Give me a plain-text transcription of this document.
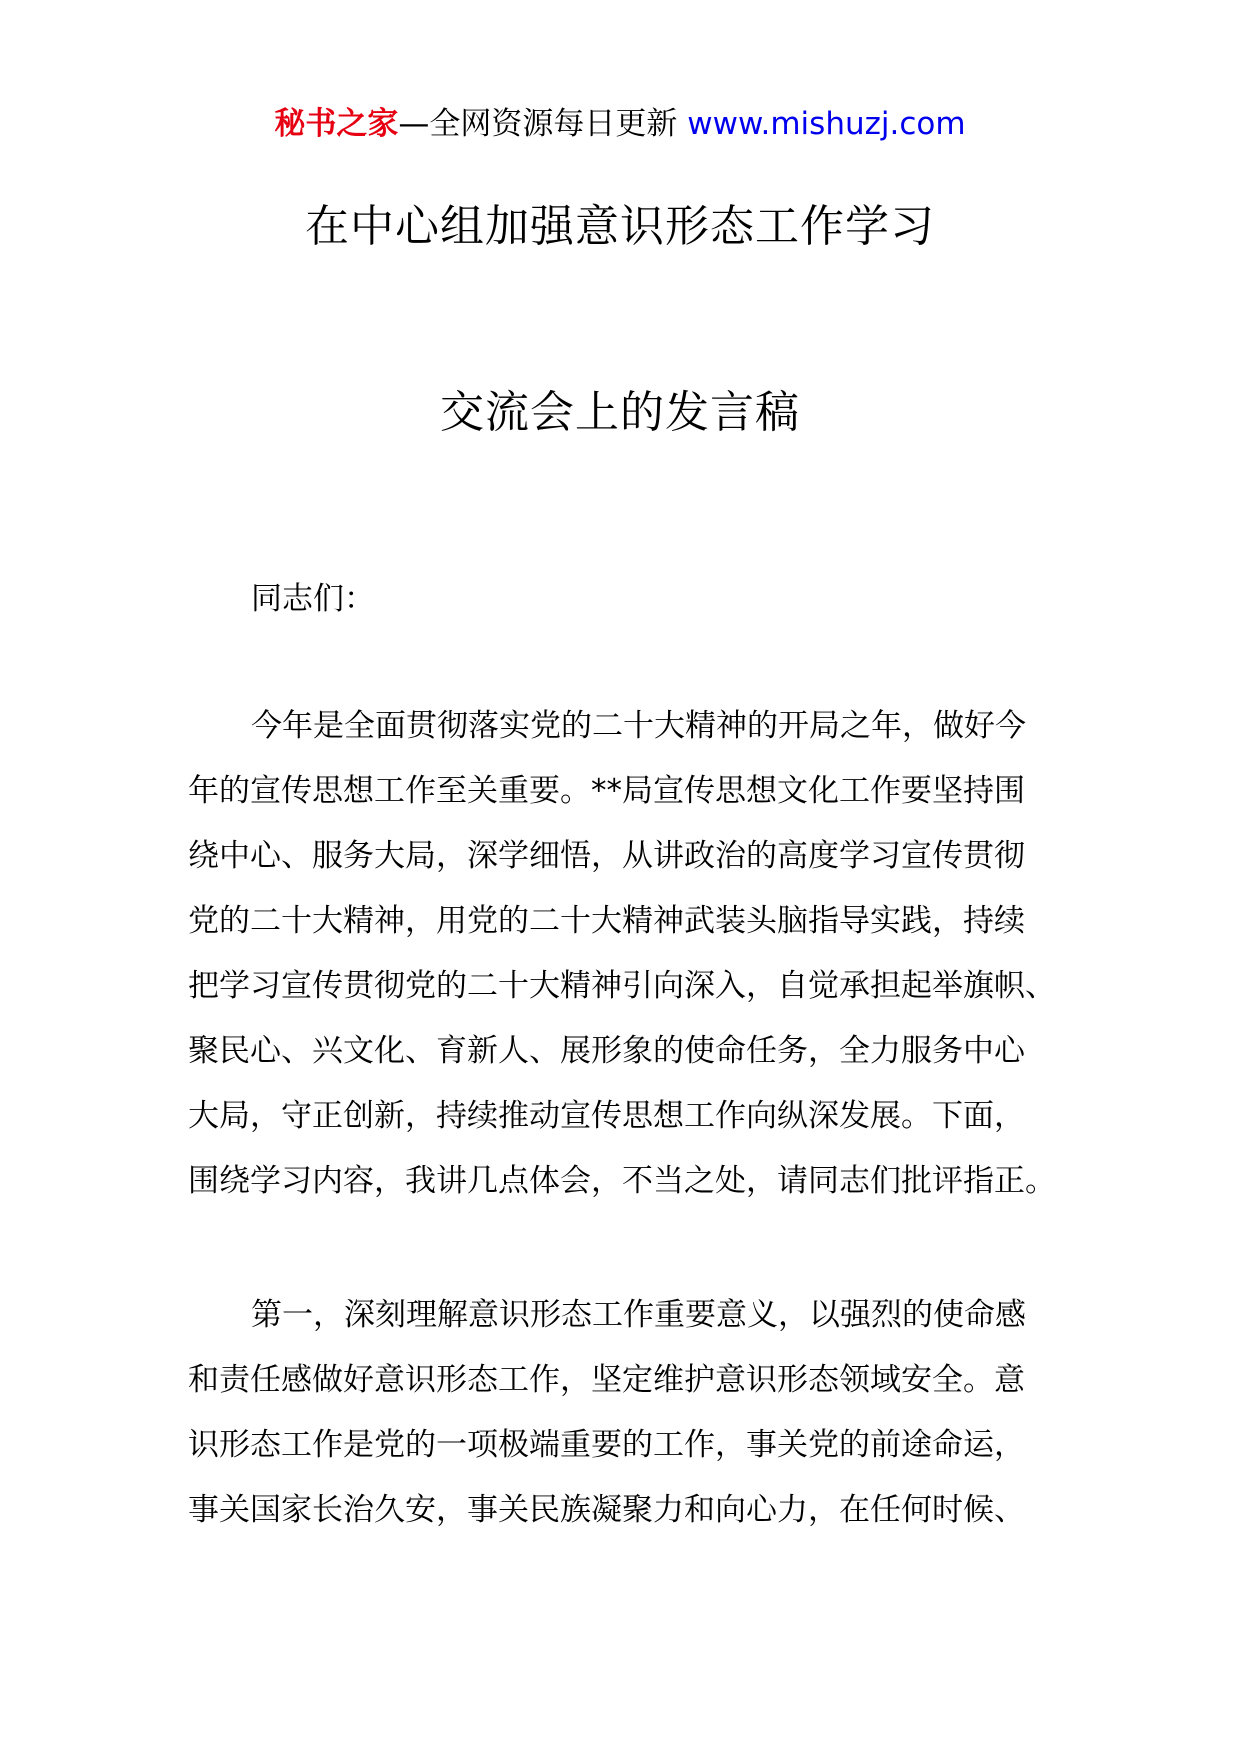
秘书之家—全网资源每日更新 www.mishuzj.com
在中心组加强意识形态工作学习
交流会上的发言稿
同志们：
今年是全面贯彻落实党的二十大精神的开局之年，做好今
年的宣传思想工作至关重要。**局宣传思想文化工作要坚持围
绕中心、服务大局，深学细悟，从讲政治的高度学习宣传贯彻
党的二十大精神，用党的二十大精神武装头脑指导实践，持续
把学习宣传贯彻党的二十大精神引向深入，自觉承担起举旗帜、
聚民心、兴文化、育新人、展形象的使命任务，全力服务中心
大局，守正创新，持续推动宣传思想工作向纵深发展。下面，
围绕学习内容，我讲几点体会，不当之处，请同志们批评指正。
第一，深刻理解意识形态工作重要意义，以强烈的使命感
和责任感做好意识形态工作，坚定维护意识形态领域安全。意
识形态工作是党的一项极端重要的工作，事关党的前途命运，
事关国家长治久安，事关民族凝聚力和向心力，在任何时候、
